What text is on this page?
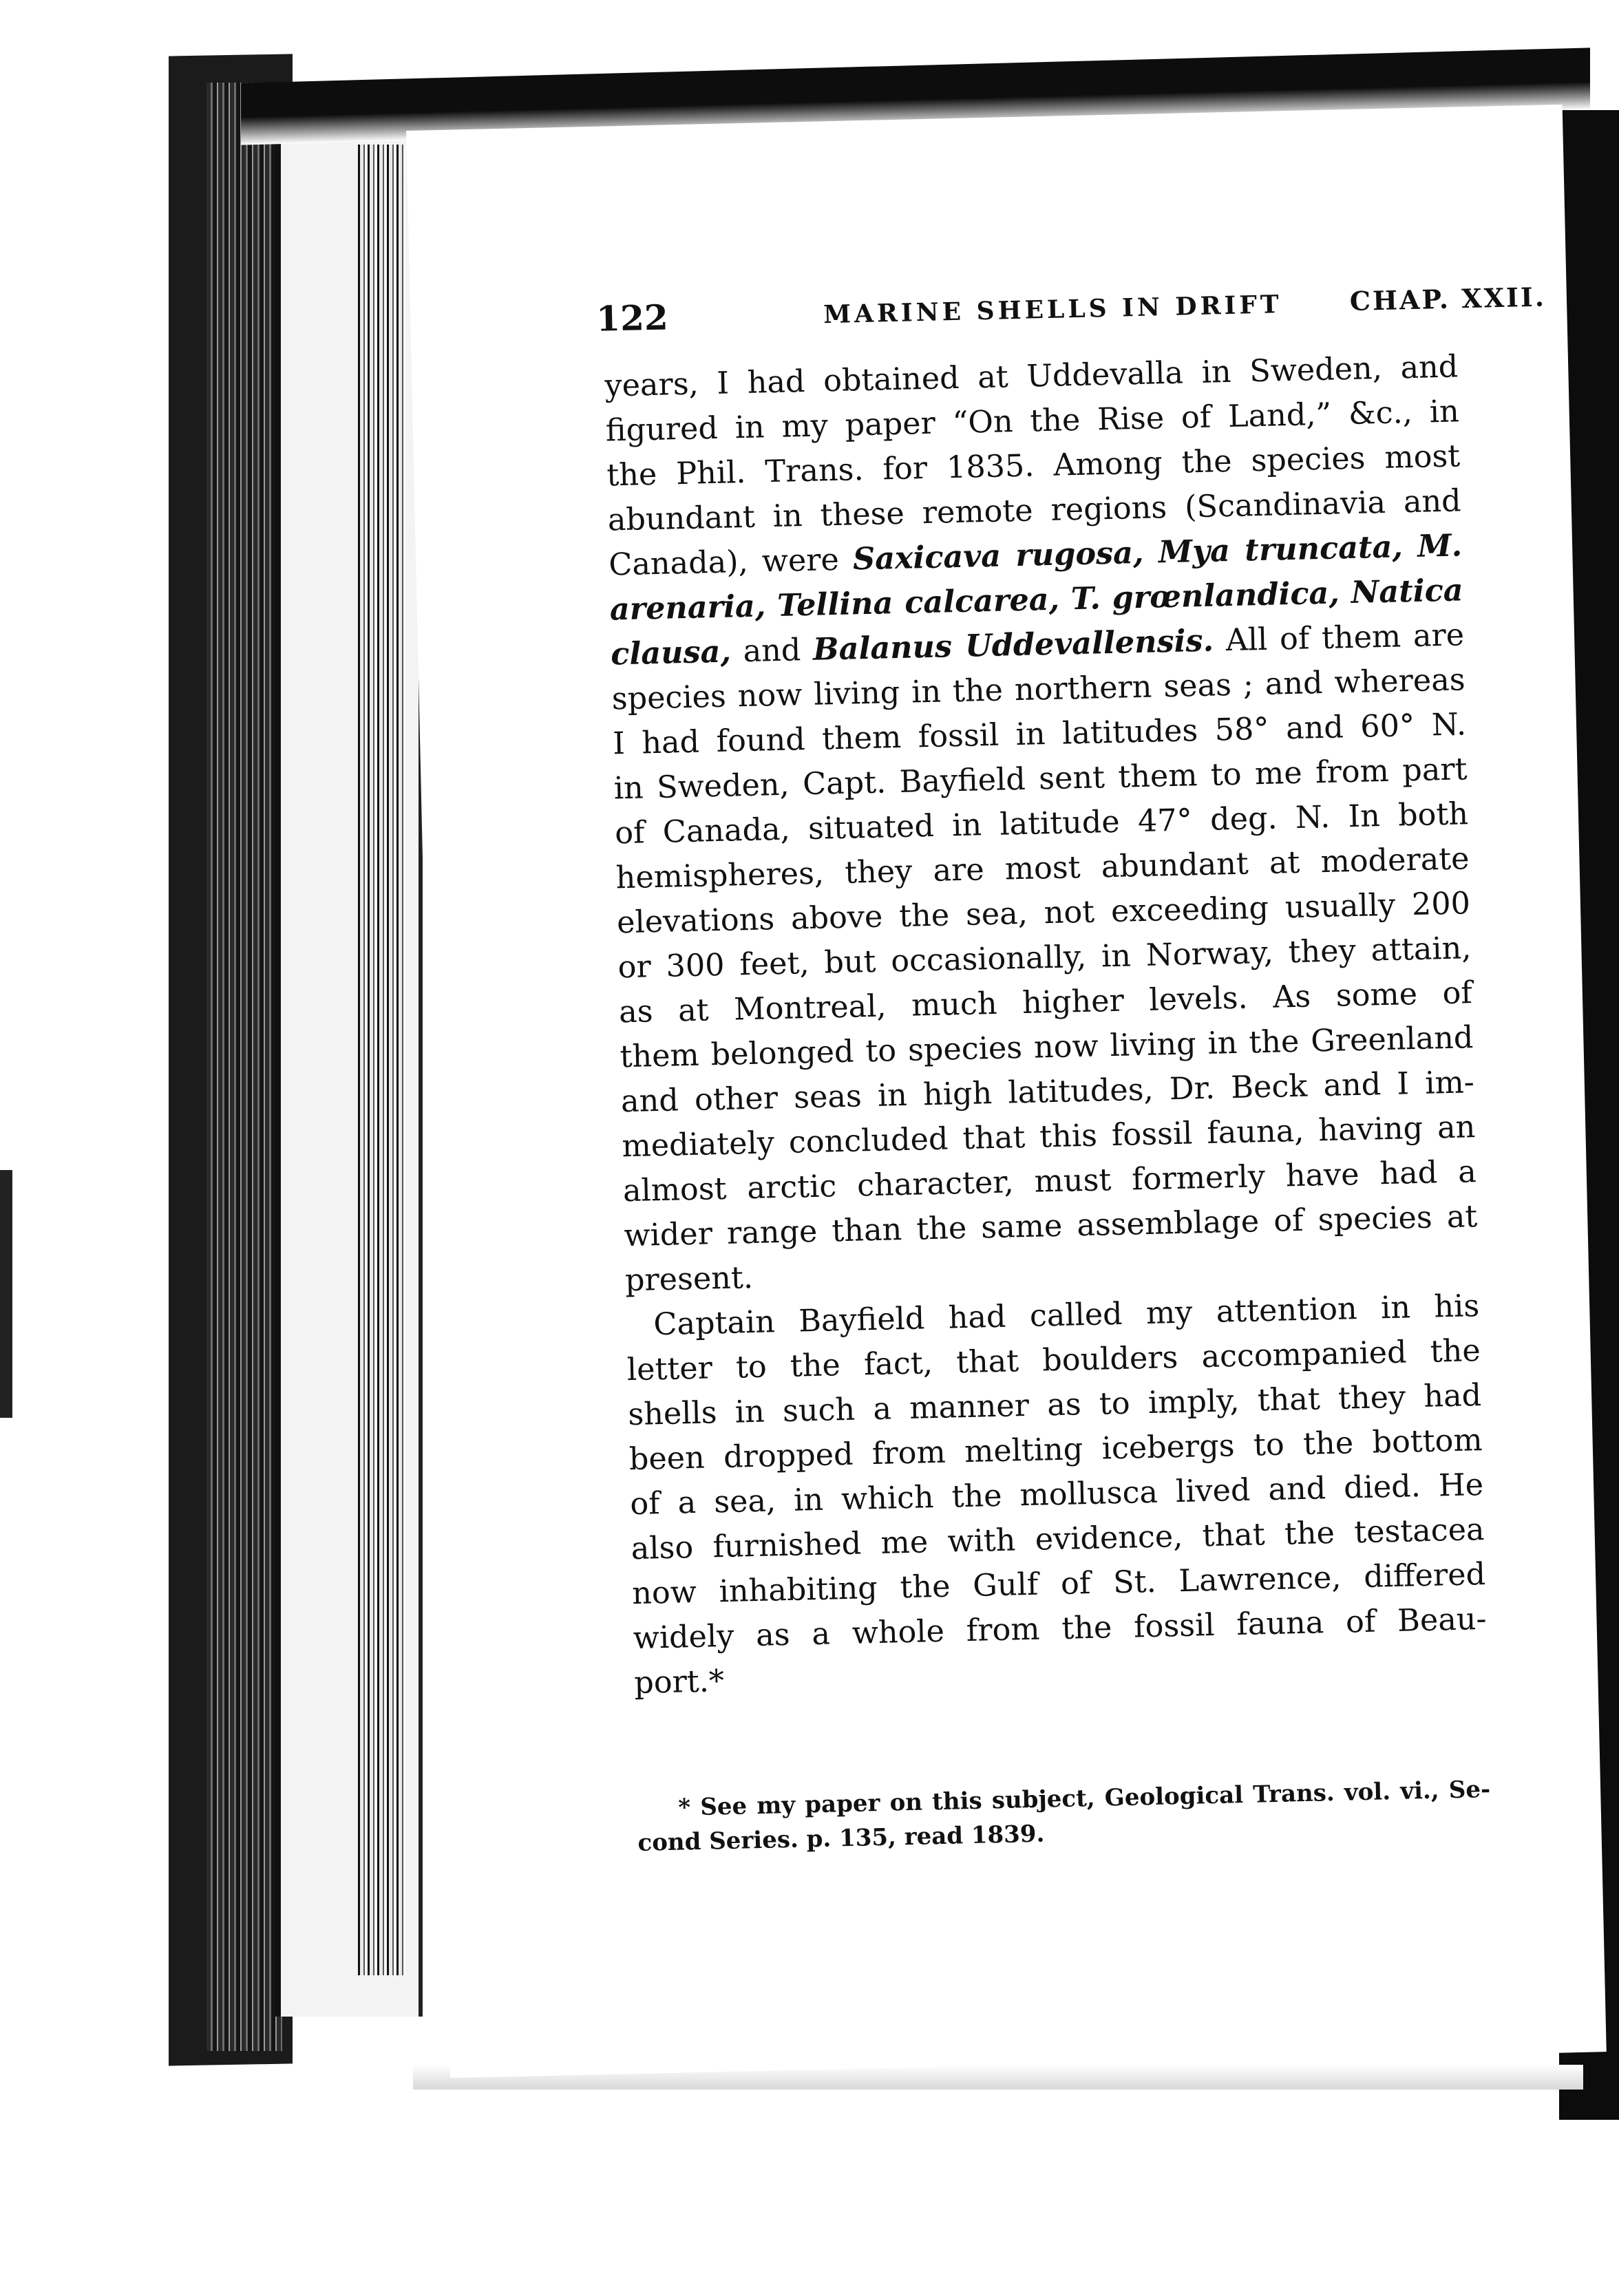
122	MARINE SHELLS IN DRIFT	CHAP. XXII.
years, I had obtained at Uddevalla in Sweden, and
figured in my paper “On the Rise of Land,” &c., in
the Phil. Trans. for 1835. Among the species most
abundant in these remote regions (Scandinavia and
Canada), were Saxicava rugosa, Mya truncata, M.
arenaria, Tellina calcarea, T. grœnlandica, Natica
clausa, and Balanus Uddevallensis. All of them are
species now living in the northern seas ; and whereas
I had found them fossil in latitudes 58° and 60° N.
in Sweden, Capt. Bayfield sent them to me from part
of Canada, situated in latitude 47° deg. N. In both
hemispheres, they are most abundant at moderate
elevations above the sea, not exceeding usually 200
or 300 feet, but occasionally, in Norway, they attain,
as at Montreal, much higher levels. As some of
them belonged to species now living in the Greenland
and other seas in high latitudes, Dr. Beck and I im-
mediately concluded that this fossil fauna, having an
almost arctic character, must formerly have had a
wider range than the same assemblage of species at
present.
Captain Bayfield had called my attention in his
letter to the fact, that boulders accompanied the
shells in such a manner as to imply, that they had
been dropped from melting icebergs to the bottom
of a sea, in which the mollusca lived and died. He
also furnished me with evidence, that the testacea
now inhabiting the Gulf of St. Lawrence, differed
widely as a whole from the fossil fauna of Beau-
port.*
* See my paper on this subject, Geological Trans. vol. vi., Se-
cond Series. p. 135, read 1839.
